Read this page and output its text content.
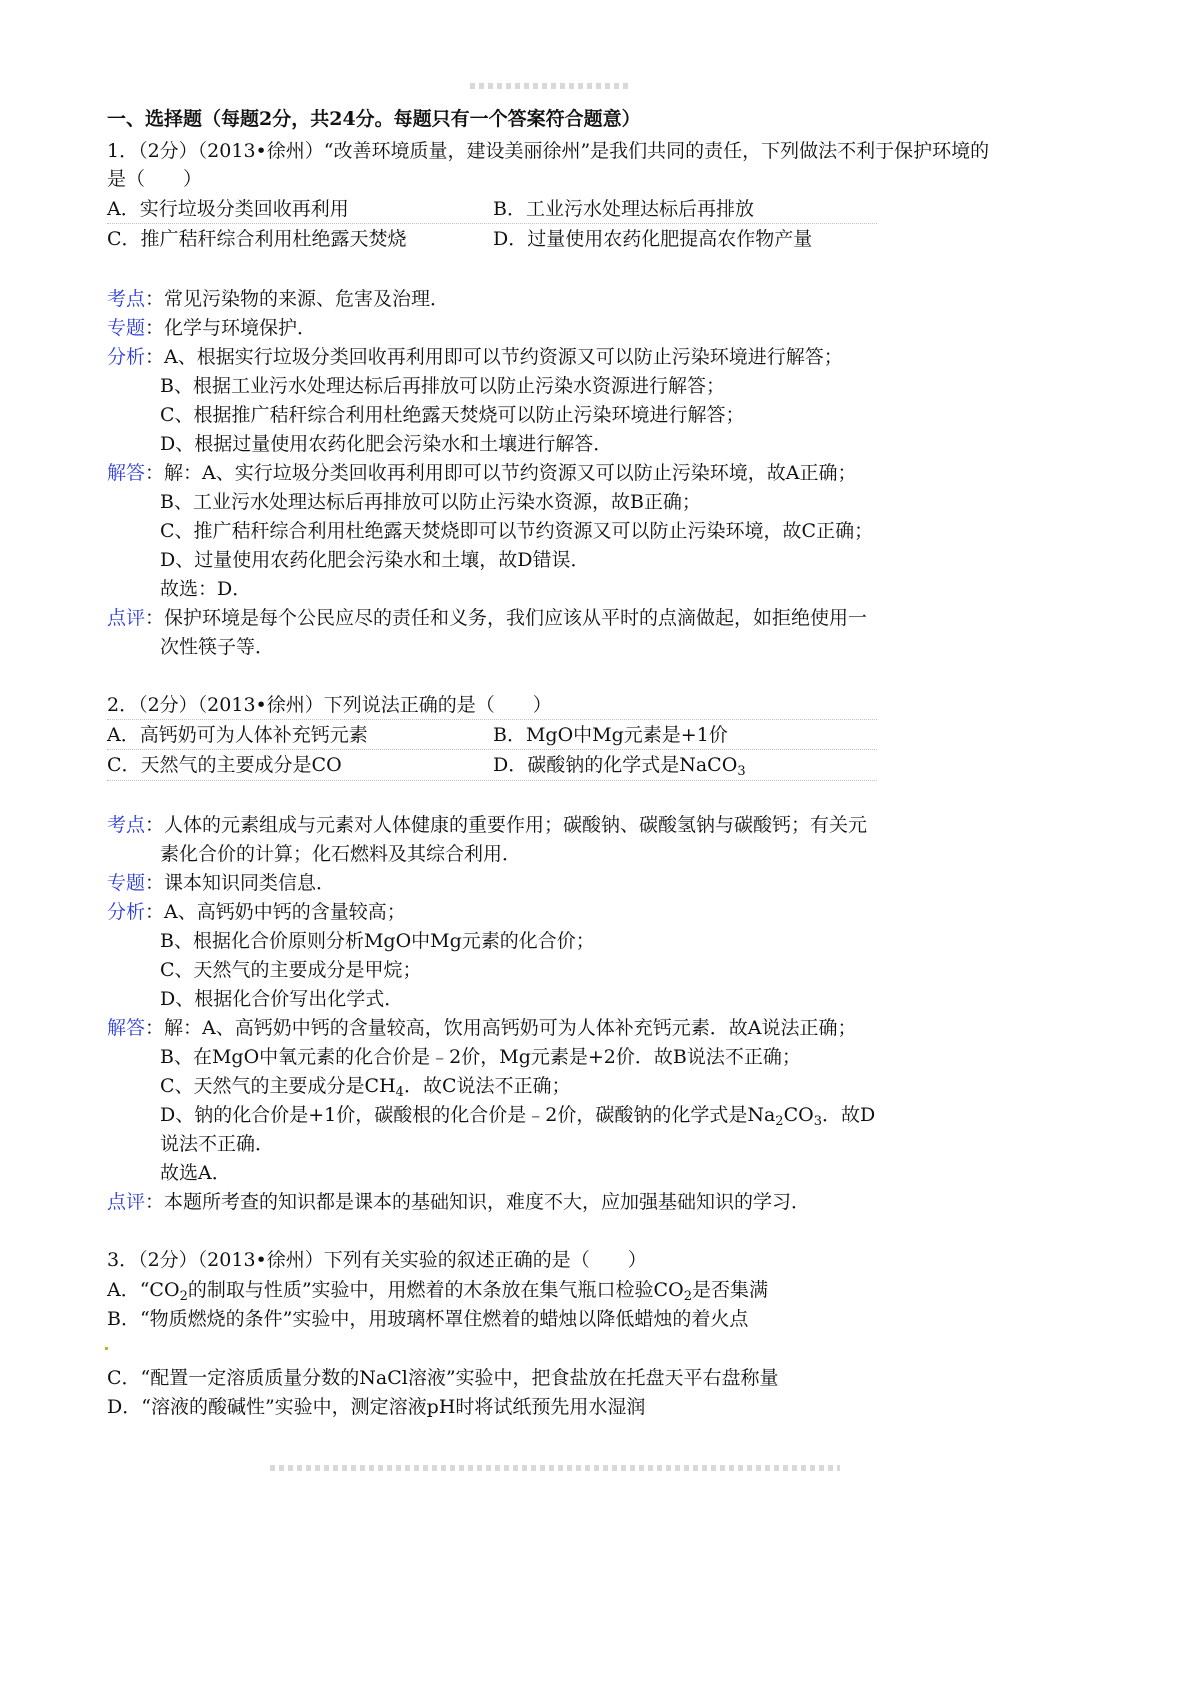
一、选择题（每题2分，共24分。每题只有一个答案符合题意）
1．（2分）（2013•徐州）“改善环境质量，建设美丽徐州”是我们共同的责任，下列做法不利于保护环境的
是（　　）
A．实行垃圾分类回收再利用	B．工业污水处理达标后再排放
C．推广秸秆综合利用杜绝露天焚烧	D．过量使用农药化肥提高农作物产量
考点：常见污染物的来源、危害及治理．
专题：化学与环境保护．
分析：A、根据实行垃圾分类回收再利用即可以节约资源又可以防止污染环境进行解答；
B、根据工业污水处理达标后再排放可以防止污染水资源进行解答；
C、根据推广秸秆综合利用杜绝露天焚烧可以防止污染环境进行解答；
D、根据过量使用农药化肥会污染水和土壤进行解答．
解答：解：A、实行垃圾分类回收再利用即可以节约资源又可以防止污染环境，故A正确；
B、工业污水处理达标后再排放可以防止污染水资源，故B正确；
C、推广秸秆综合利用杜绝露天焚烧即可以节约资源又可以防止污染环境，故C正确；
D、过量使用农药化肥会污染水和土壤，故D错误．
故选：D．
点评：保护环境是每个公民应尽的责任和义务，我们应该从平时的点滴做起，如拒绝使用一
次性筷子等．
2．（2分）（2013•徐州）下列说法正确的是（　　）
A．高钙奶可为人体补充钙元素	B．MgO中Mg元素是+1价
C．天然气的主要成分是CO	D．碳酸钠的化学式是NaCO$_3$
考点：人体的元素组成与元素对人体健康的重要作用；碳酸钠、碳酸氢钠与碳酸钙；有关元
素化合价的计算；化石燃料及其综合利用．
专题：课本知识同类信息．
分析：A、高钙奶中钙的含量较高；
B、根据化合价原则分析MgO中Mg元素的化合价；
C、天然气的主要成分是甲烷；
D、根据化合价写出化学式．
解答：解：A、高钙奶中钙的含量较高，饮用高钙奶可为人体补充钙元素．故A说法正确；
B、在MgO中氧元素的化合价是﹣2价，Mg元素是+2价．故B说法不正确；
C、天然气的主要成分是$CH_4$．故C说法不正确；
D、钠的化合价是+1价，碳酸根的化合价是﹣2价，碳酸钠的化学式是$Na_2CO_3$．故D
说法不正确．
故选A．
点评：本题所考查的知识都是课本的基础知识，难度不大，应加强基础知识的学习．
3．（2分）（2013•徐州）下列有关实验的叙述正确的是（　　）
A．“$CO_2$的制取与性质”实验中，用燃着的木条放在集气瓶口检验$CO_2$是否集满
B．“物质燃烧的条件”实验中，用玻璃杯罩住燃着的蜡烛以降低蜡烛的着火点
C．“配置一定溶质质量分数的NaCl溶液”实验中，把食盐放在托盘天平右盘称量
D．“溶液的酸碱性”实验中，测定溶液pH时将试纸预先用水湿润
